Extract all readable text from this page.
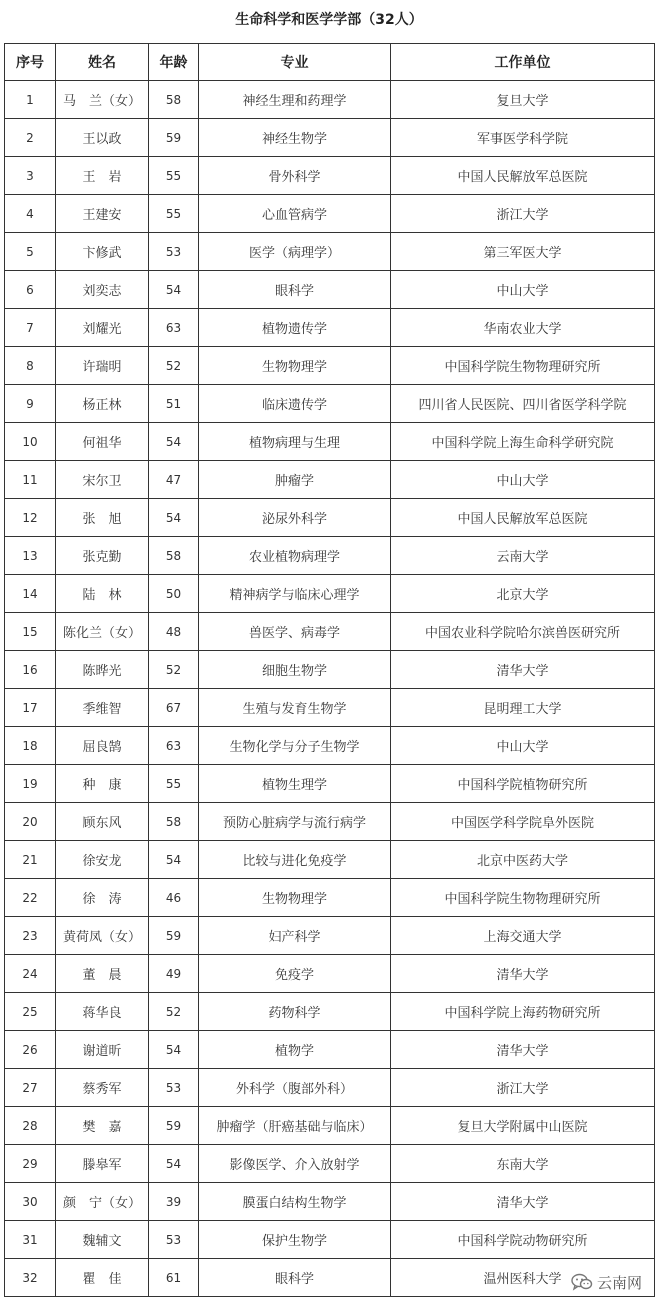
生命科学和医学学部（32人）
序号	姓名	年龄	专业	工作单位
1	马　兰（女）	58	神经生理和药理学	复旦大学
2	王以政	59	神经生物学	军事医学科学院
3	王　岩	55	骨外科学	中国人民解放军总医院
4	王建安	55	心血管病学	浙江大学
5	卞修武	53	医学（病理学）	第三军医大学
6	刘奕志	54	眼科学	中山大学
7	刘耀光	63	植物遗传学	华南农业大学
8	许瑞明	52	生物物理学	中国科学院生物物理研究所
9	杨正林	51	临床遗传学	四川省人民医院、四川省医学科学院
10	何祖华	54	植物病理与生理	中国科学院上海生命科学研究院
11	宋尔卫	47	肿瘤学	中山大学
12	张　旭	54	泌尿外科学	中国人民解放军总医院
13	张克勤	58	农业植物病理学	云南大学
14	陆　林	50	精神病学与临床心理学	北京大学
15	陈化兰（女）	48	兽医学、病毒学	中国农业科学院哈尔滨兽医研究所
16	陈晔光	52	细胞生物学	清华大学
17	季维智	67	生殖与发育生物学	昆明理工大学
18	屈良鹄	63	生物化学与分子生物学	中山大学
19	种　康	55	植物生理学	中国科学院植物研究所
20	顾东风	58	预防心脏病学与流行病学	中国医学科学院阜外医院
21	徐安龙	54	比较与进化免疫学	北京中医药大学
22	徐　涛	46	生物物理学	中国科学院生物物理研究所
23	黄荷凤（女）	59	妇产科学	上海交通大学
24	董　晨	49	免疫学	清华大学
25	蒋华良	52	药物科学	中国科学院上海药物研究所
26	谢道昕	54	植物学	清华大学
27	蔡秀军	53	外科学（腹部外科）	浙江大学
28	樊　嘉	59	肿瘤学（肝癌基础与临床）	复旦大学附属中山医院
29	滕皋军	54	影像医学、介入放射学	东南大学
30	颜　宁（女）	39	膜蛋白结构生物学	清华大学
31	魏辅文	53	保护生物学	中国科学院动物研究所
32	瞿　佳	61	眼科学	温州医科大学 云南网
